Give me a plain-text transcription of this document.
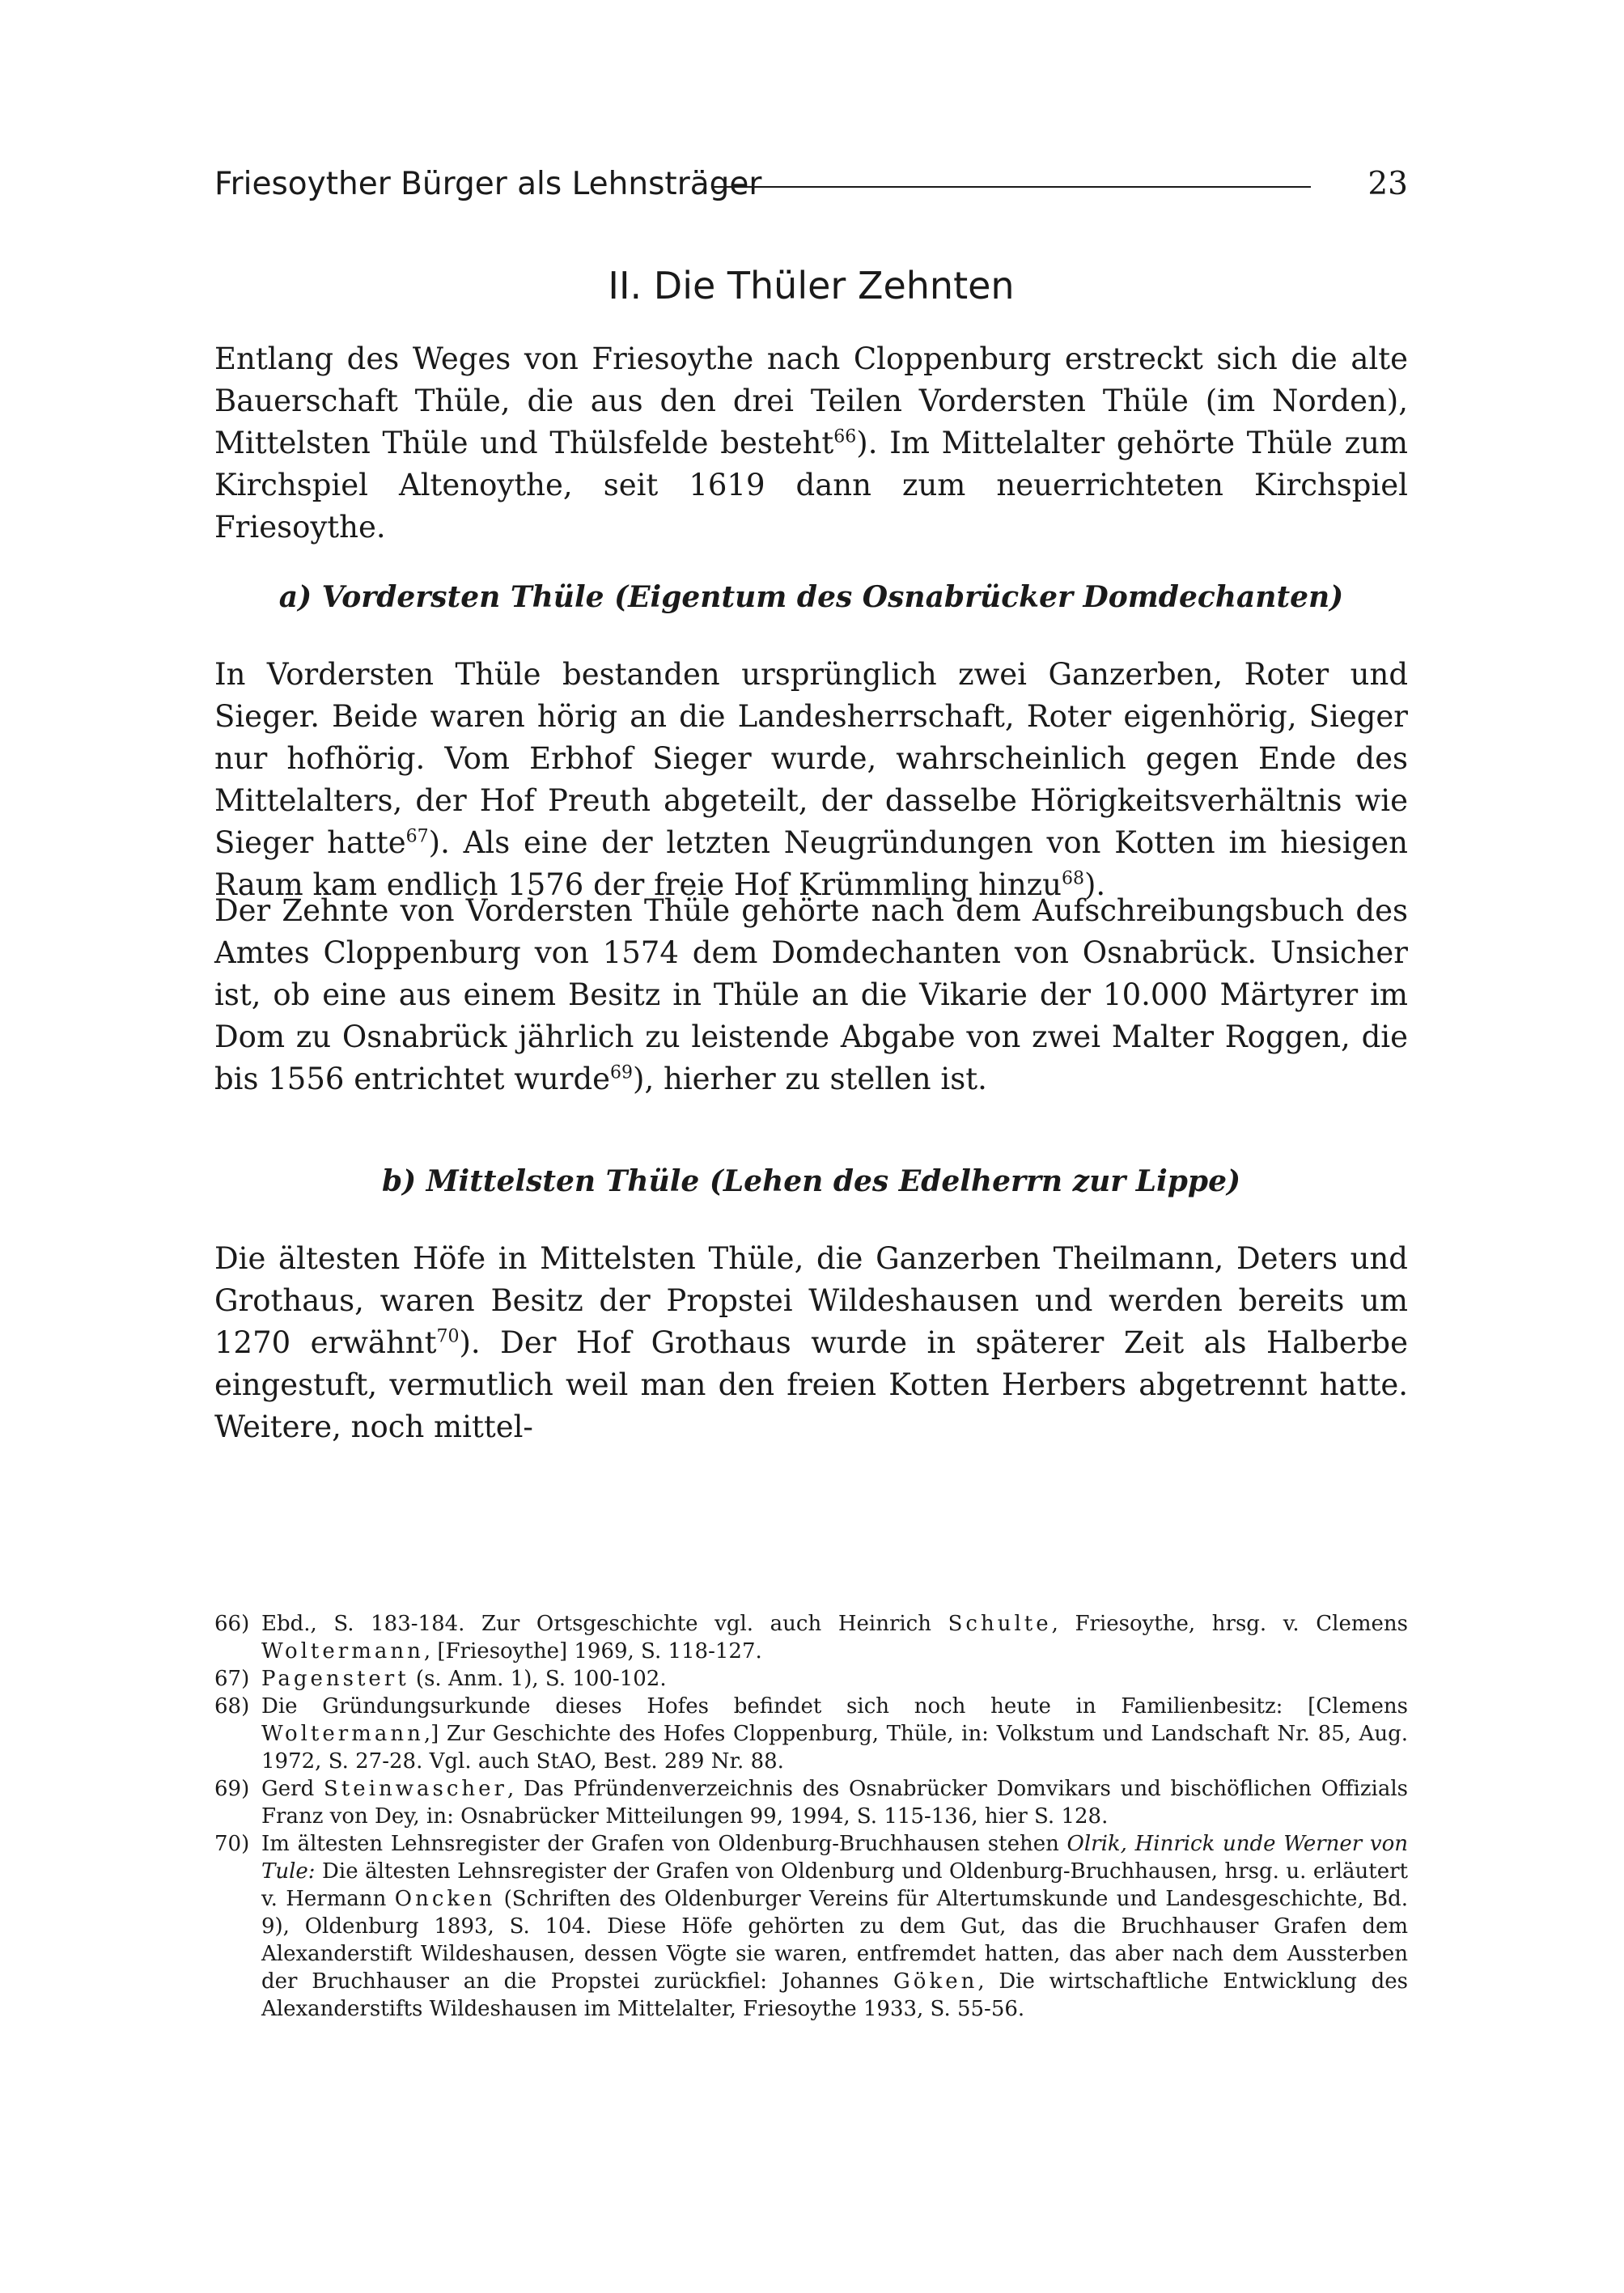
Friesoyther Bürger als Lehnsträger	23
II. Die Thüler Zehnten

Entlang des Weges von Friesoythe nach Cloppenburg erstreckt sich die alte Bauerschaft Thüle, die aus den drei Teilen Vordersten Thüle (im Norden), Mittelsten Thüle und Thülsfelde besteht$^{66}$). Im Mittelalter gehörte Thüle zum Kirchspiel Altenoythe, seit 1619 dann zum neuerrichteten Kirchspiel Friesoythe.

a) Vordersten Thüle (Eigentum des Osnabrücker Domdechanten)

In Vordersten Thüle bestanden ursprünglich zwei Ganzerben, Roter und Sieger. Beide waren hörig an die Landesherrschaft, Roter eigenhörig, Sieger nur hofhörig. Vom Erbhof Sieger wurde, wahrscheinlich gegen Ende des Mittelalters, der Hof Preuth abgeteilt, der dasselbe Hörigkeitsverhältnis wie Sieger hatte$^{67}$). Als eine der letzten Neugründungen von Kotten im hiesigen Raum kam endlich 1576 der freie Hof Krümmling hinzu$^{68}$).

Der Zehnte von Vordersten Thüle gehörte nach dem Aufschreibungsbuch des Amtes Cloppenburg von 1574 dem Domdechanten von Osnabrück. Unsicher ist, ob eine aus einem Besitz in Thüle an die Vikarie der 10.000 Märtyrer im Dom zu Osnabrück jährlich zu leistende Abgabe von zwei Malter Roggen, die bis 1556 entrichtet wurde$^{69}$), hierher zu stellen ist.

b) Mittelsten Thüle (Lehen des Edelherrn zur Lippe)

Die ältesten Höfe in Mittelsten Thüle, die Ganzerben Theilmann, Deters und Grothaus, waren Besitz der Propstei Wildeshausen und werden bereits um 1270 erwähnt$^{70}$). Der Hof Grothaus wurde in späterer Zeit als Halberbe eingestuft, vermutlich weil man den freien Kotten Herbers abgetrennt hatte. Weitere, noch mittel-

66) Ebd., S. 183-184. Zur Ortsgeschichte vgl. auch Heinrich Schulte, Friesoythe, hrsg. v. Clemens Woltermann, [Friesoythe] 1969, S. 118-127.
67) Pagenstert (s. Anm. 1), S. 100-102.
68) Die Gründungsurkunde dieses Hofes befindet sich noch heute in Familienbesitz: [Clemens Woltermann,] Zur Geschichte des Hofes Cloppenburg, Thüle, in: Volkstum und Landschaft Nr. 85, Aug. 1972, S. 27-28. Vgl. auch StAO, Best. 289 Nr. 88.
69) Gerd Steinwascher, Das Pfründenverzeichnis des Osnabrücker Domvikars und bischöflichen Offizials Franz von Dey, in: Osnabrücker Mitteilungen 99, 1994, S. 115-136, hier S. 128.
70) Im ältesten Lehnsregister der Grafen von Oldenburg-Bruchhausen stehen Olrik, Hinrick unde Werner von Tule: Die ältesten Lehnsregister der Grafen von Oldenburg und Oldenburg-Bruchhausen, hrsg. u. erläutert v. Hermann Oncken (Schriften des Oldenburger Vereins für Altertumskunde und Landesgeschichte, Bd. 9), Oldenburg 1893, S. 104. Diese Höfe gehörten zu dem Gut, das die Bruchhauser Grafen dem Alexanderstift Wildeshausen, dessen Vögte sie waren, entfremdet hatten, das aber nach dem Aussterben der Bruchhauser an die Propstei zurückfiel: Johannes Göken, Die wirtschaftliche Entwicklung des Alexanderstifts Wildeshausen im Mittelalter, Friesoythe 1933, S. 55-56.
